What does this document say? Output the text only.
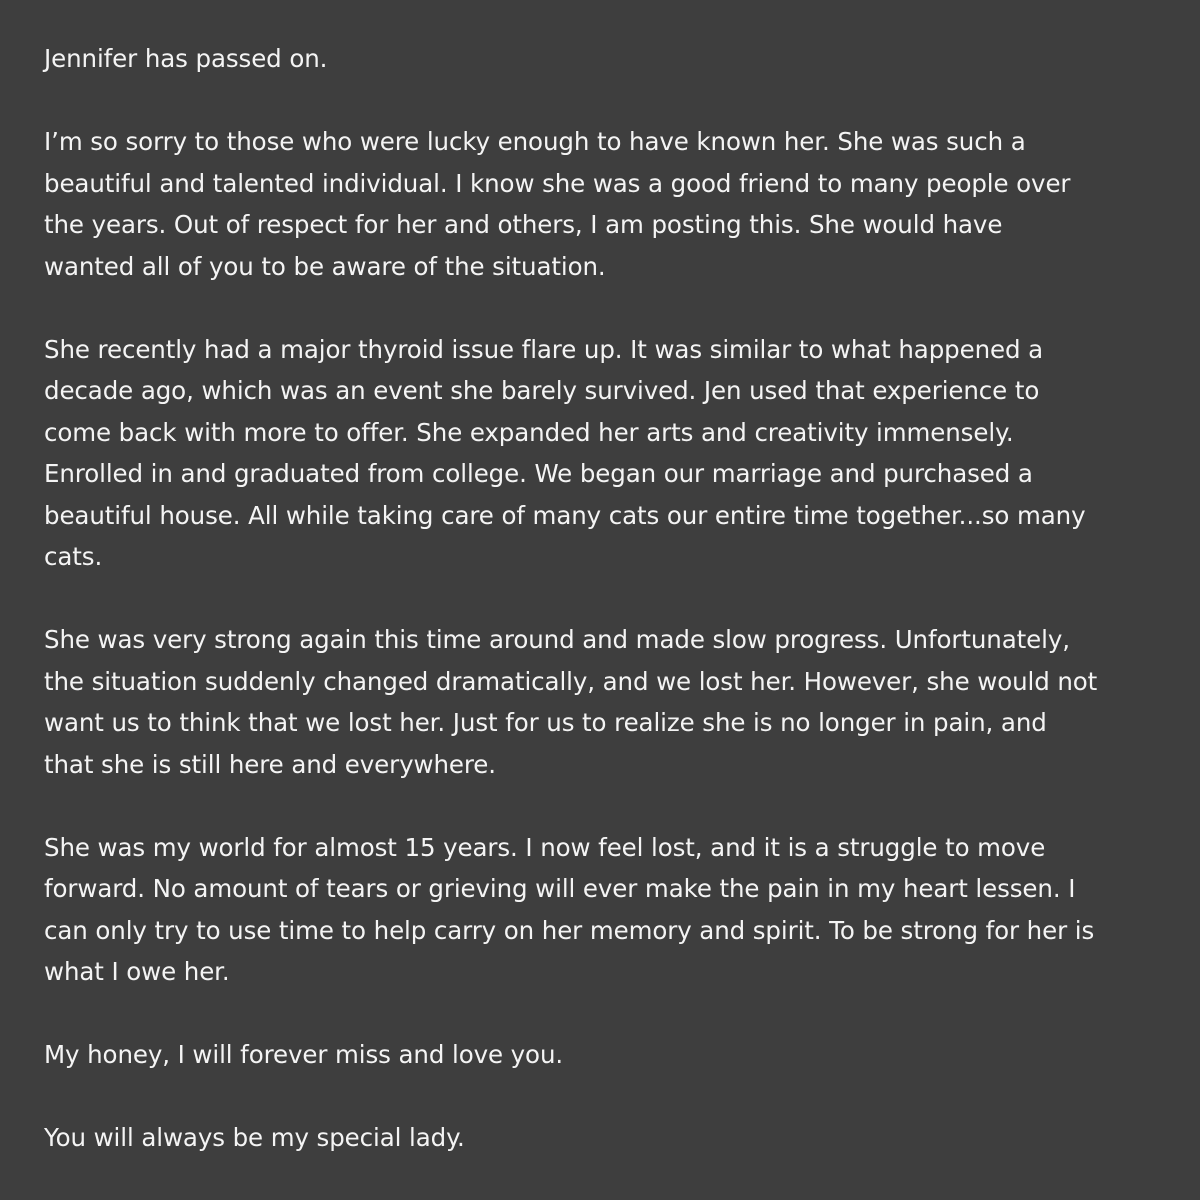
Jennifer has passed on.

I’m so sorry to those who were lucky enough to have known her. She was such a
beautiful and talented individual. I know she was a good friend to many people over
the years. Out of respect for her and others, I am posting this. She would have
wanted all of you to be aware of the situation.

She recently had a major thyroid issue flare up. It was similar to what happened a
decade ago, which was an event she barely survived. Jen used that experience to
come back with more to offer. She expanded her arts and creativity immensely.
Enrolled in and graduated from college. We began our marriage and purchased a
beautiful house. All while taking care of many cats our entire time together...so many
cats.

She was very strong again this time around and made slow progress. Unfortunately,
the situation suddenly changed dramatically, and we lost her. However, she would not
want us to think that we lost her. Just for us to realize she is no longer in pain, and
that she is still here and everywhere.

She was my world for almost 15 years. I now feel lost, and it is a struggle to move
forward. No amount of tears or grieving will ever make the pain in my heart lessen. I
can only try to use time to help carry on her memory and spirit. To be strong for her is
what I owe her.

My honey, I will forever miss and love you.

You will always be my special lady.
